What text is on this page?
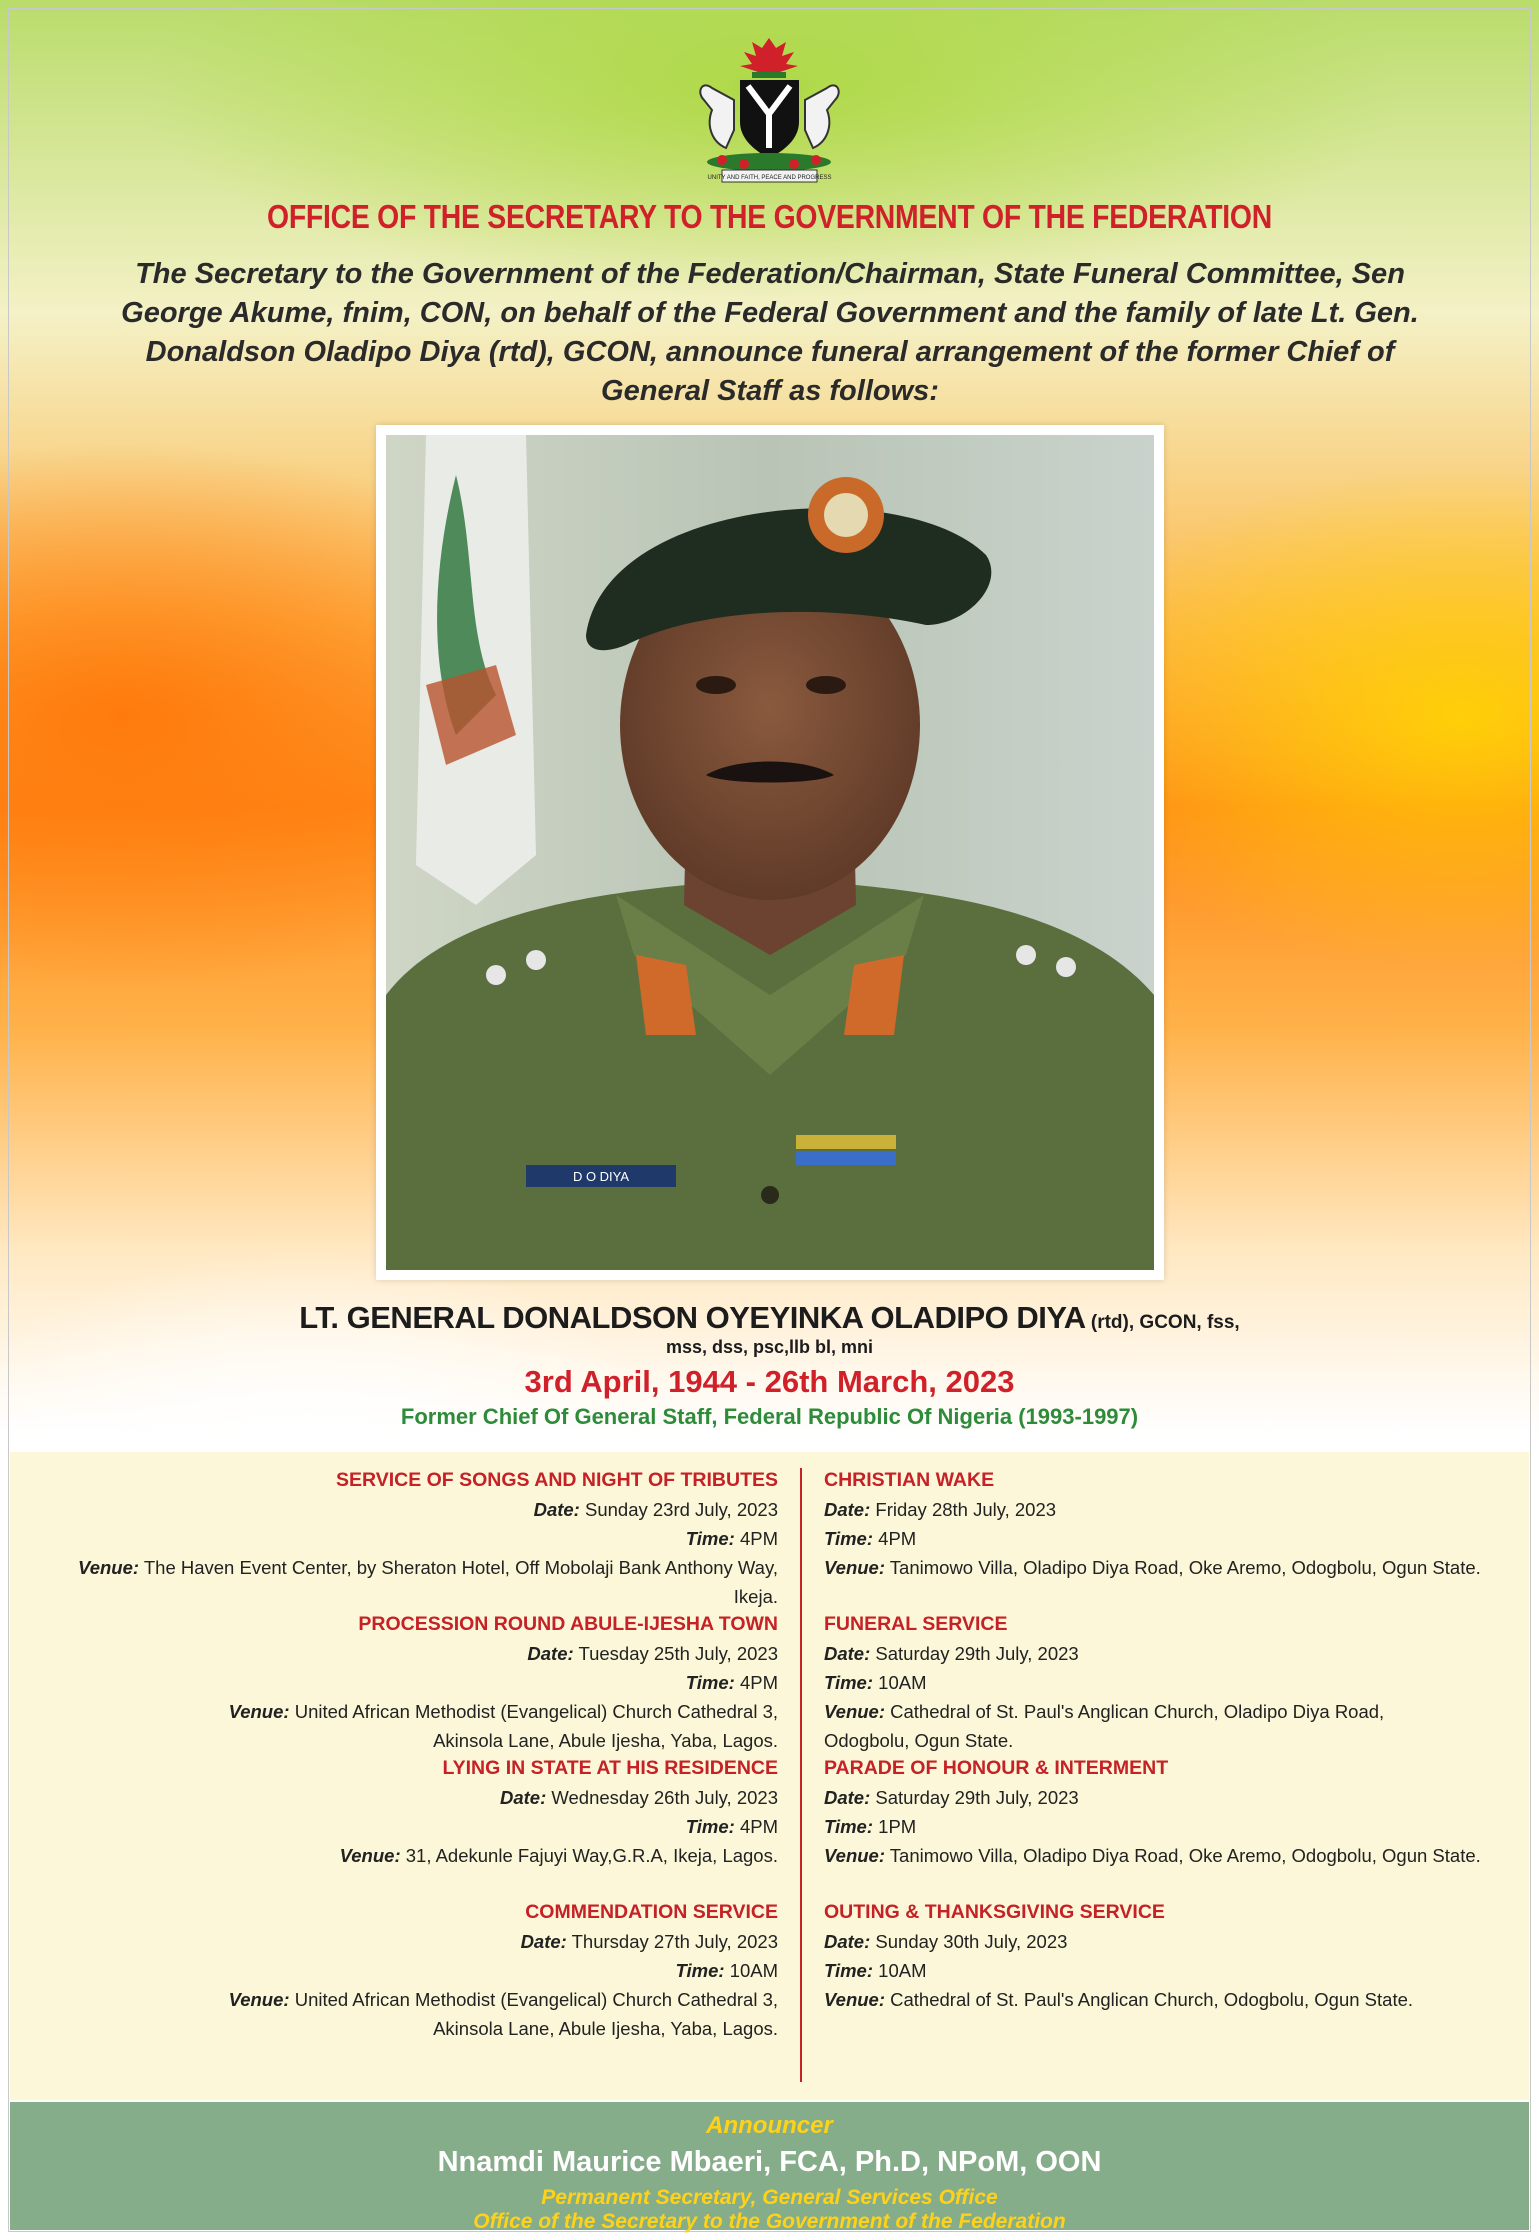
UNITY AND FAITH, PEACE AND PROGRESS
OFFICE OF THE SECRETARY TO THE GOVERNMENT OF THE FEDERATION
The Secretary to the Government of the Federation/Chairman, State Funeral Committee, Sen George Akume, fnim, CON, on behalf of the Federal Government and the family of late Lt. Gen. Donaldson Oladipo Diya (rtd), GCON, announce funeral arrangement of the former Chief of General Staff as follows:
D O DIYA
LT. GENERAL DONALDSON OYEYINKA OLADIPO DIYA (rtd), GCON, fss,
mss, dss, psc,llb bl, mni
3rd April, 1944 - 26th March, 2023
Former Chief Of General Staff, Federal Republic Of Nigeria (1993-1997)
SERVICE OF SONGS AND NIGHT OF TRIBUTES
Date: Sunday 23rd July, 2023
Time: 4PM
Venue: The Haven Event Center, by Sheraton Hotel, Off Mobolaji Bank Anthony Way, Ikeja.
PROCESSION ROUND ABULE-IJESHA TOWN
Date: Tuesday 25th July, 2023
Time: 4PM
Venue: United African Methodist (Evangelical) Church Cathedral 3,
Akinsola Lane, Abule Ijesha, Yaba, Lagos.
LYING IN STATE AT HIS RESIDENCE
Date: Wednesday 26th July, 2023
Time: 4PM
Venue: 31, Adekunle Fajuyi Way,G.R.A, Ikeja, Lagos.
COMMENDATION SERVICE
Date: Thursday 27th July, 2023
Time: 10AM
Venue: United African Methodist (Evangelical) Church Cathedral 3,
Akinsola Lane, Abule Ijesha, Yaba, Lagos.
CHRISTIAN WAKE
Date: Friday 28th July, 2023
Time: 4PM
Venue: Tanimowo Villa, Oladipo Diya Road, Oke Aremo, Odogbolu, Ogun State.
FUNERAL SERVICE
Date: Saturday 29th July, 2023
Time: 10AM
Venue: Cathedral of St. Paul's Anglican Church, Oladipo Diya Road,
Odogbolu, Ogun State.
PARADE OF HONOUR & INTERMENT
Date: Saturday 29th July, 2023
Time: 1PM
Venue: Tanimowo Villa, Oladipo Diya Road, Oke Aremo, Odogbolu, Ogun State.
OUTING & THANKSGIVING SERVICE
Date: Sunday 30th July, 2023
Time: 10AM
Venue: Cathedral of St. Paul's Anglican Church, Odogbolu, Ogun State.
Announcer
Nnamdi Maurice Mbaeri, FCA, Ph.D, NPoM, OON
Permanent Secretary, General Services Office
Office of the Secretary to the Government of the Federation
